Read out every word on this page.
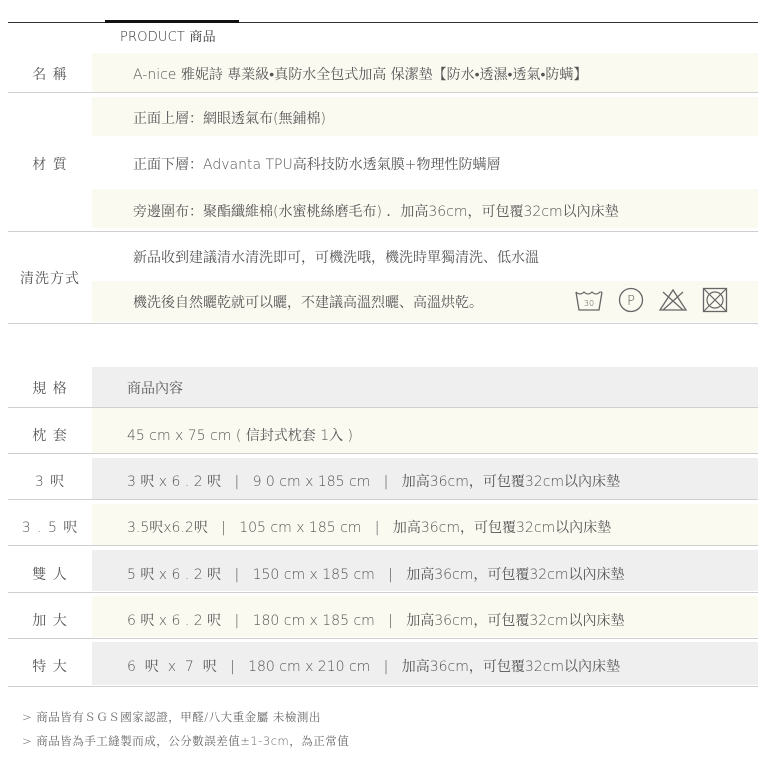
PRODUCT 商品
名 稱	A-nice 雅妮詩 專業級•真防水全包式加高 保潔墊【防水•透濕•透氣•防螨】
材 質
正面上層：網眼透氣布(無鋪棉)
正面下層：Advanta TPU高科技防水透氣膜+物理性防螨層
旁邊圍布：聚酯纖維棉(水蜜桃絲磨毛布) ．加高36cm，可包覆32cm以內床墊
清洗方式
新品收到建議清水清洗即可，可機洗哦，機洗時單獨清洗、低水溫
機洗後自然曬乾就可以曬，不建議高溫烈曬、高溫烘乾。	30	P
規 格	商品內容
枕 套	45 cm x 75 cm ( 信封式枕套 1入 )
3 呎	3 呎 x 6 . 2 呎   |   9 0 cm x 185 cm   |   加高36cm，可包覆32cm以內床墊
3 . 5 呎	3.5呎x6.2呎   |   105 cm x 185 cm   |   加高36cm，可包覆32cm以內床墊
雙 人	5 呎 x 6 . 2 呎   |   150 cm x 185 cm   |   加高36cm，可包覆32cm以內床墊
加 大	6 呎 x 6 . 2 呎   |   180 cm x 185 cm   |   加高36cm，可包覆32cm以內床墊
特 大	6  呎  x  7  呎   |   180 cm x 210 cm   |   加高36cm，可包覆32cm以內床墊
> 商品皆有ＳＧＳ國家認證，甲醛/八大重金屬 未檢測出
> 商品皆為手工縫製而成，公分數誤差值±1-3cm，為正常值
